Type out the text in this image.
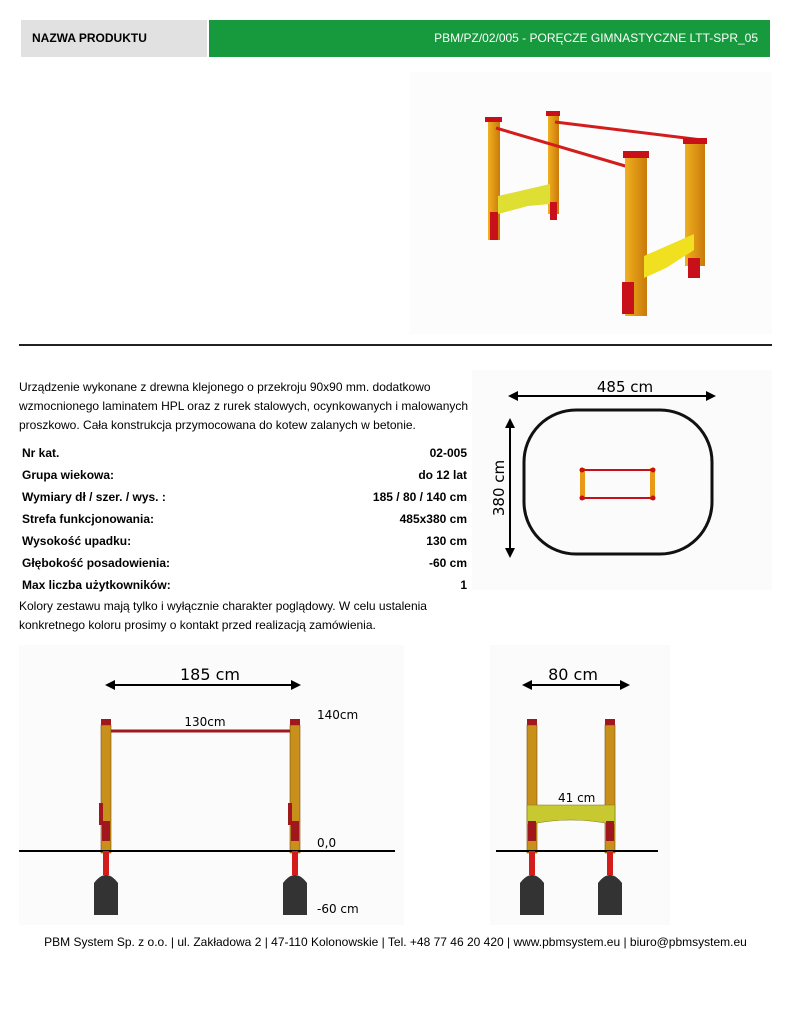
NAZWA PRODUKTU	PBM/PZ/02/005 - PORĘCZE GIMNASTYCZNE LTT-SPR_05
Urządzenie wykonane z drewna klejonego o przekroju 90x90 mm. dodatkowo wzmocnionego laminatem HPL oraz z rurek stalowych, ocynkowanych i malowanych proszkowo. Cała konstrukcja przymocowana do kotew zalanych w betonie.
Nr kat.	02-005
Grupa wiekowa:	do 12 lat
Wymiary dł / szer. / wys. :	185 / 80 / 140 cm
Strefa funkcjonowania:	485x380 cm
Wysokość upadku:	130 cm
Głębokość posadowienia:	-60 cm
Max liczba użytkowników:	1
Kolory zestawu mają tylko i wyłącznie charakter poglądowy. W celu ustalenia konkretnego koloru prosimy o kontakt przed realizacją zamówienia.
485 cm
380 cm
185 cm
130cm	140cm
0,0
-60 cm
80 cm
41 cm
PBM System Sp. z o.o. | ul. Zakładowa 2 | 47-110 Kolonowskie | Tel. +48 77 46 20 420 | www.pbmsystem.eu | biuro@pbmsystem.eu
